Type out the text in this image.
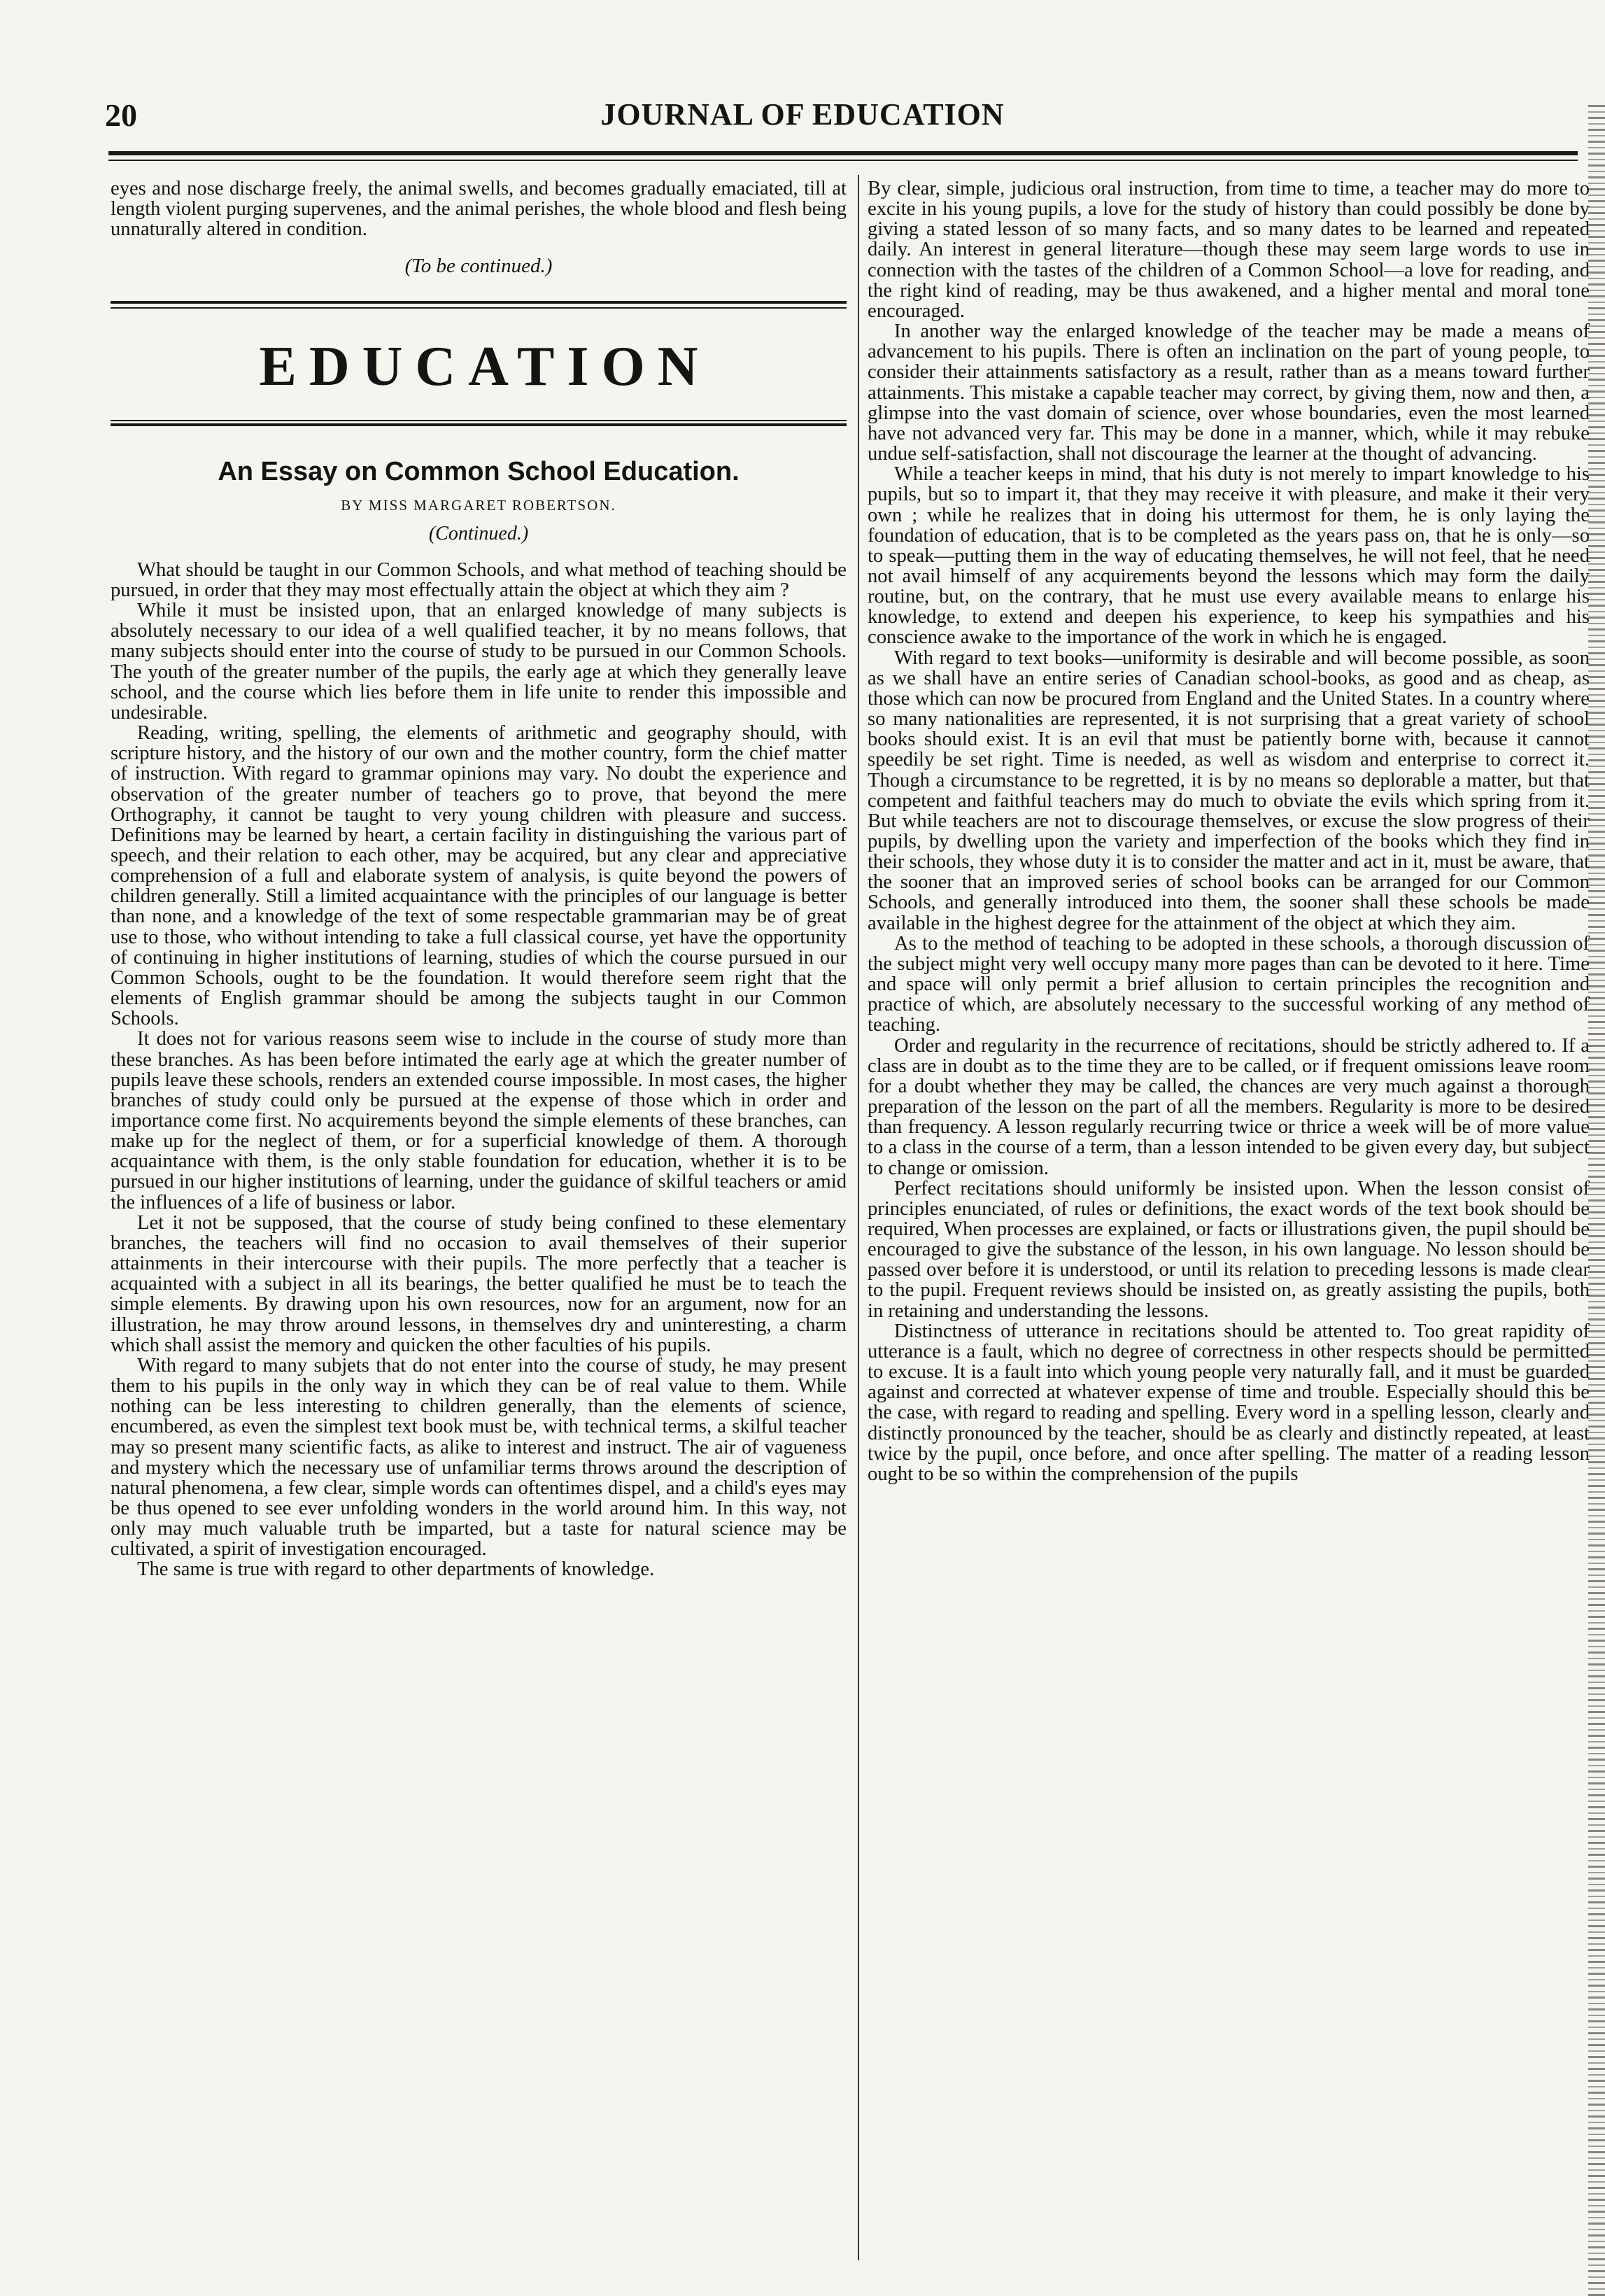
20	JOURNAL OF EDUCATION

eyes and nose discharge freely, the animal swells, and becomes gradually emaciated, till at length violent purging supervenes, and the animal perishes, the whole blood and flesh being unnaturally altered in condition.

(To be continued.)
EDUCATION
An Essay on Common School Education.
BY MISS MARGARET ROBERTSON.
(Continued.)

What should be taught in our Common Schools, and what method of teaching should be pursued, in order that they may most effectually attain the object at which they aim ?

While it must be insisted upon, that an enlarged knowledge of many subjects is absolutely necessary to our idea of a well qualified teacher, it by no means follows, that many subjects should enter into the course of study to be pursued in our Common Schools. The youth of the greater number of the pupils, the early age at which they generally leave school, and the course which lies before them in life unite to render this impossible and undesirable.

Reading, writing, spelling, the elements of arithmetic and geography should, with scripture history, and the history of our own and the mother country, form the chief matter of instruction. With regard to grammar opinions may vary. No doubt the experience and observation of the greater number of teachers go to prove, that beyond the mere Orthography, it cannot be taught to very young children with pleasure and success. Definitions may be learned by heart, a certain facility in distinguishing the various part of speech, and their relation to each other, may be acquired, but any clear and appreciative comprehension of a full and elaborate system of analysis, is quite beyond the powers of children generally. Still a limited acquaintance with the principles of our language is better than none, and a knowledge of the text of some respectable grammarian may be of great use to those, who without intending to take a full classical course, yet have the opportunity of continuing in higher institutions of learning, studies of which the course pursued in our Common Schools, ought to be the foundation. It would therefore seem right that the elements of English grammar should be among the subjects taught in our Common Schools.

It does not for various reasons seem wise to include in the course of study more than these branches. As has been before intimated the early age at which the greater number of pupils leave these schools, renders an extended course impossible. In most cases, the higher branches of study could only be pursued at the expense of those which in order and importance come first. No acquirements beyond the simple elements of these branches, can make up for the neglect of them, or for a superficial knowledge of them. A thorough acquaintance with them, is the only stable foundation for education, whether it is to be pursued in our higher institutions of learning, under the guidance of skilful teachers or amid the influences of a life of business or labor.

Let it not be supposed, that the course of study being confined to these elementary branches, the teachers will find no occasion to avail themselves of their superior attainments in their intercourse with their pupils. The more perfectly that a teacher is acquainted with a subject in all its bearings, the better qualified he must be to teach the simple elements. By drawing upon his own resources, now for an argument, now for an illustration, he may throw around lessons, in themselves dry and uninteresting, a charm which shall assist the memory and quicken the other faculties of his pupils.

With regard to many subjets that do not enter into the course of study, he may present them to his pupils in the only way in which they can be of real value to them. While nothing can be less interesting to children generally, than the elements of science, encumbered, as even the simplest text book must be, with technical terms, a skilful teacher may so present many scientific facts, as alike to interest and instruct. The air of vagueness and mystery which the necessary use of unfamiliar terms throws around the description of natural phenomena, a few clear, simple words can oftentimes dispel, and a child's eyes may be thus opened to see ever unfolding wonders in the world around him. In this way, not only may much valuable truth be imparted, but a taste for natural science may be cultivated, a spirit of investigation encouraged.

The same is true with regard to other departments of knowledge.

By clear, simple, judicious oral instruction, from time to time, a teacher may do more to excite in his young pupils, a love for the study of history than could possibly be done by giving a stated lesson of so many facts, and so many dates to be learned and repeated daily. An interest in general literature—though these may seem large words to use in connection with the tastes of the children of a Common School—a love for reading, and the right kind of reading, may be thus awakened, and a higher mental and moral tone encouraged.

In another way the enlarged knowledge of the teacher may be made a means of advancement to his pupils. There is often an inclination on the part of young people, to consider their attainments satisfactory as a result, rather than as a means toward further attainments. This mistake a capable teacher may correct, by giving them, now and then, a glimpse into the vast domain of science, over whose boundaries, even the most learned have not advanced very far. This may be done in a manner, which, while it may rebuke undue self-satisfaction, shall not discourage the learner at the thought of advancing.

While a teacher keeps in mind, that his duty is not merely to impart knowledge to his pupils, but so to impart it, that they may receive it with pleasure, and make it their very own ; while he realizes that in doing his uttermost for them, he is only laying the foundation of education, that is to be completed as the years pass on, that he is only—so to speak—putting them in the way of educating themselves, he will not feel, that he need not avail himself of any acquirements beyond the lessons which may form the daily routine, but, on the contrary, that he must use every available means to enlarge his knowledge, to extend and deepen his experience, to keep his sympathies and his conscience awake to the importance of the work in which he is engaged.

With regard to text books—uniformity is desirable and will become possible, as soon as we shall have an entire series of Canadian school-books, as good and as cheap, as those which can now be procured from England and the United States. In a country where so many nationalities are represented, it is not surprising that a great variety of school books should exist. It is an evil that must be patiently borne with, because it cannot speedily be set right. Time is needed, as well as wisdom and enterprise to correct it. Though a circumstance to be regretted, it is by no means so deplorable a matter, but that competent and faithful teachers may do much to obviate the evils which spring from it. But while teachers are not to discourage themselves, or excuse the slow progress of their pupils, by dwelling upon the variety and imperfection of the books which they find in their schools, they whose duty it is to consider the matter and act in it, must be aware, that the sooner that an improved series of school books can be arranged for our Common Schools, and generally introduced into them, the sooner shall these schools be made available in the highest degree for the attainment of the object at which they aim.

As to the method of teaching to be adopted in these schools, a thorough discussion of the subject might very well occupy many more pages than can be devoted to it here. Time and space will only permit a brief allusion to certain principles the recognition and practice of which, are absolutely necessary to the successful working of any method of teaching.

Order and regularity in the recurrence of recitations, should be strictly adhered to. If a class are in doubt as to the time they are to be called, or if frequent omissions leave room for a doubt whether they may be called, the chances are very much against a thorough preparation of the lesson on the part of all the members. Regularity is more to be desired than frequency. A lesson regularly recurring twice or thrice a week will be of more value to a class in the course of a term, than a lesson intended to be given every day, but subject to change or omission.

Perfect recitations should uniformly be insisted upon. When the lesson consist of principles enunciated, of rules or definitions, the exact words of the text book should be required, When processes are explained, or facts or illustrations given, the pupil should be encouraged to give the substance of the lesson, in his own language. No lesson should be passed over before it is understood, or until its relation to preceding lessons is made clear to the pupil. Frequent reviews should be insisted on, as greatly assisting the pupils, both in retaining and understanding the lessons.

Distinctness of utterance in recitations should be attented to. Too great rapidity of utterance is a fault, which no degree of correctness in other respects should be permitted to excuse. It is a fault into which young people very naturally fall, and it must be guarded against and corrected at whatever expense of time and trouble. Especially should this be the case, with regard to reading and spelling. Every word in a spelling lesson, clearly and distinctly pronounced by the teacher, should be as clearly and distinctly repeated, at least twice by the pupil, once before, and once after spelling. The matter of a reading lesson ought to be so within the comprehension of the pupils
